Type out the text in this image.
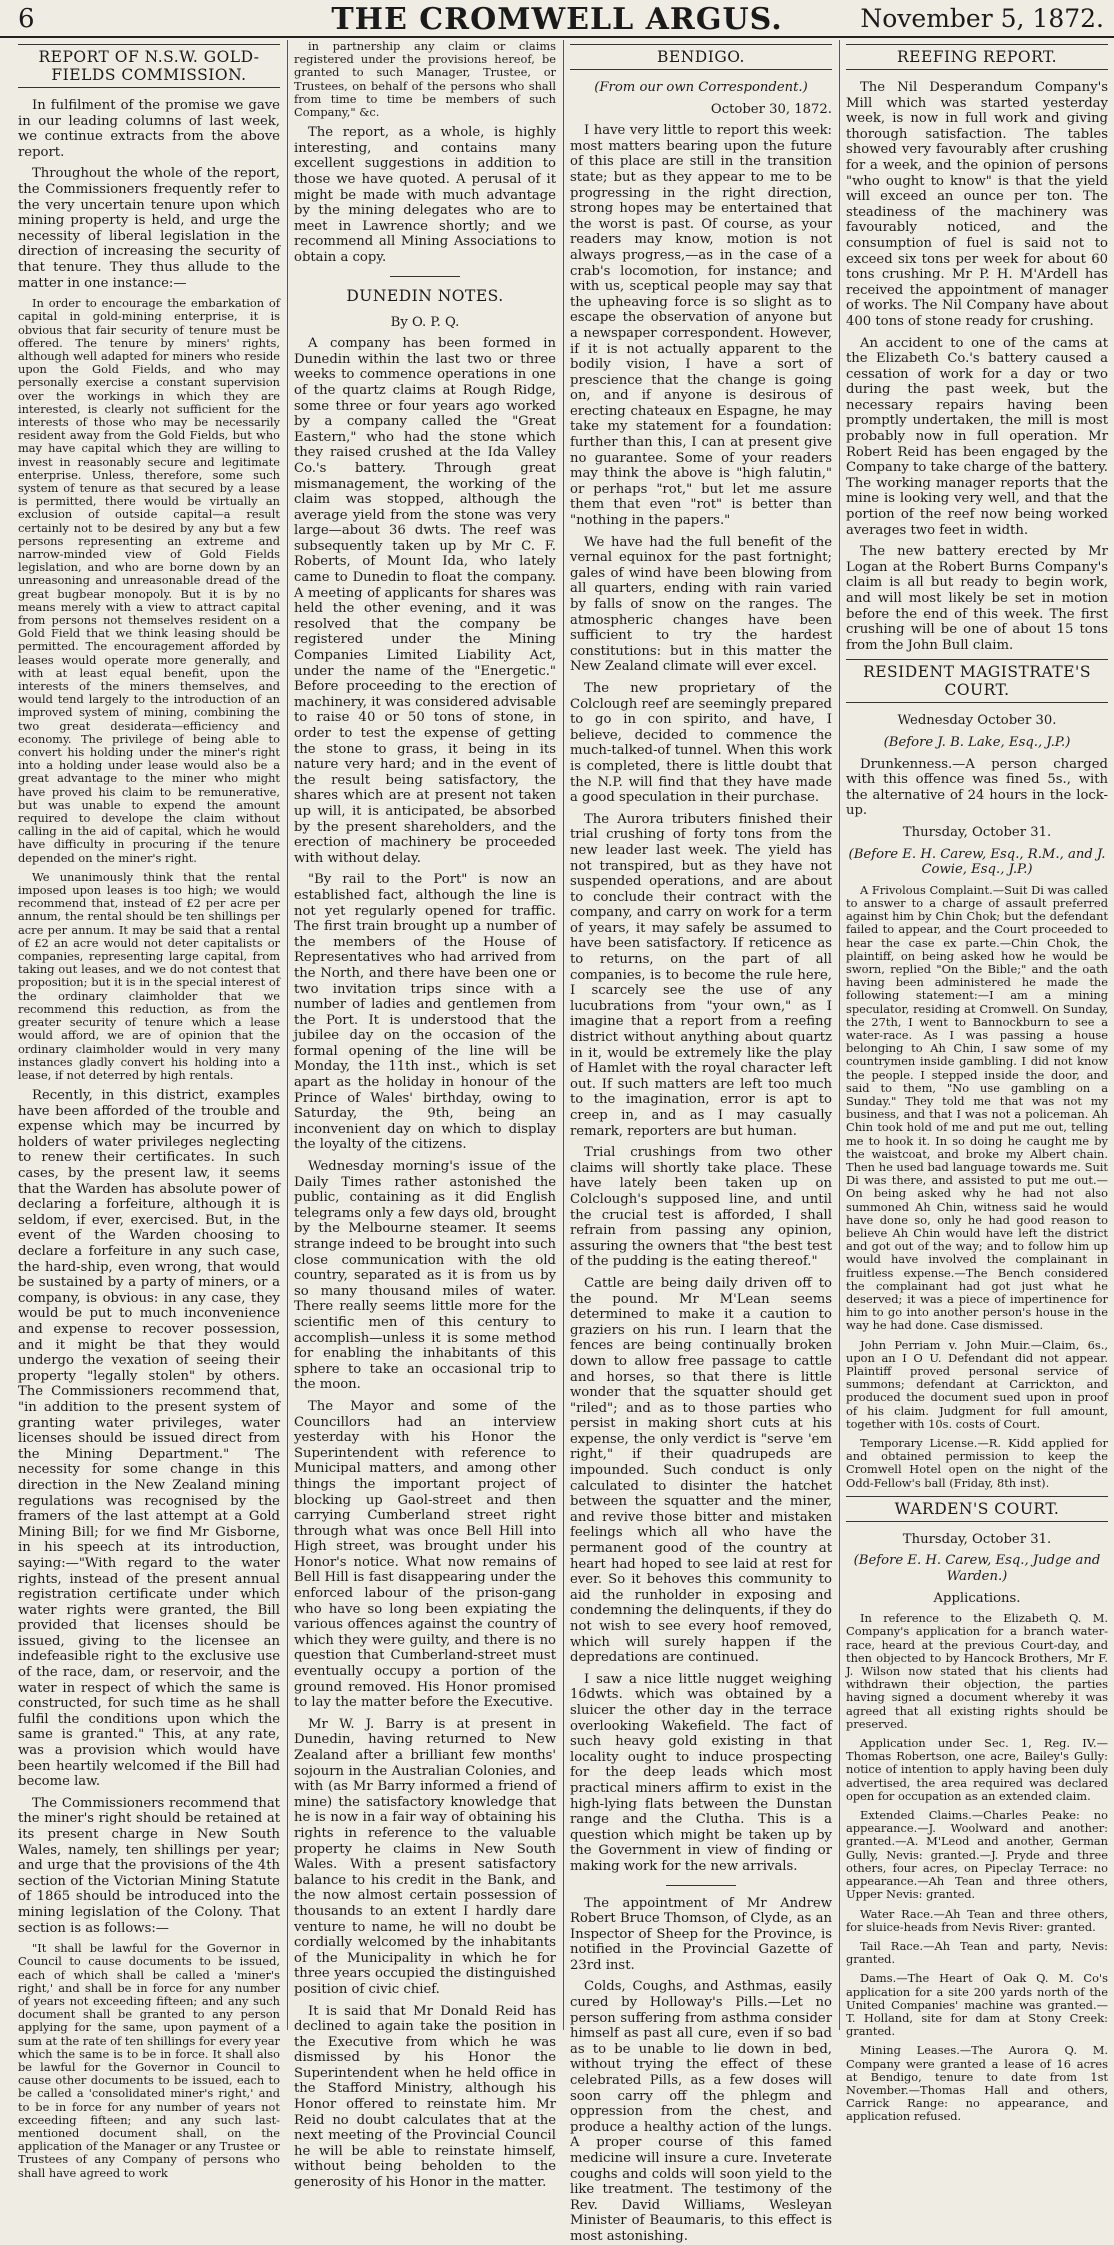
6	THE CROMWELL ARGUS.	November 5, 1872.
REPORT OF N.S.W. GOLD-FIELDS COMMISSION.

In fulfilment of the promise we gave in our leading columns of last week, we continue extracts from the above report.

Throughout the whole of the report, the Commissioners frequently refer to the very uncertain tenure upon which mining property is held, and urge the necessity of liberal legislation in the direction of increasing the security of that tenure. They thus allude to the matter in one instance:—

In order to encourage the embarkation of capital in gold-mining enterprise, it is obvious that fair security of tenure must be offered. The tenure by miners' rights, although well adapted for miners who reside upon the Gold Fields, and who may personally exercise a constant supervision over the workings in which they are interested, is clearly not sufficient for the interests of those who may be necessarily resident away from the Gold Fields, but who may have capital which they are willing to invest in reasonably secure and legitimate enterprise. Unless, therefore, some such system of tenure as that secured by a lease is permitted, there would be virtually an exclusion of outside capital—a result certainly not to be desired by any but a few persons representing an extreme and narrow-minded view of Gold Fields legislation, and who are borne down by an unreasoning and unreasonable dread of the great bugbear monopoly. But it is by no means merely with a view to attract capital from persons not themselves resident on a Gold Field that we think leasing should be permitted. The encouragement afforded by leases would operate more generally, and with at least equal benefit, upon the interests of the miners themselves, and would tend largely to the introduction of an improved system of mining, combining the two great desiderata—efficiency and economy. The privilege of being able to convert his holding under the miner's right into a holding under lease would also be a great advantage to the miner who might have proved his claim to be remunerative, but was unable to expend the amount required to develope the claim without calling in the aid of capital, which he would have difficulty in procuring if the tenure depended on the miner's right.

We unanimously think that the rental imposed upon leases is too high; we would recommend that, instead of £2 per acre per annum, the rental should be ten shillings per acre per annum. It may be said that a rental of £2 an acre would not deter capitalists or companies, representing large capital, from taking out leases, and we do not contest that proposition; but it is in the special interest of the ordinary claimholder that we recommend this reduction, as from the greater security of tenure which a lease would afford, we are of opinion that the ordinary claimholder would in very many instances gladly convert his holding into a lease, if not deterred by high rentals.

Recently, in this district, examples have been afforded of the trouble and expense which may be incurred by holders of water privileges neglecting to renew their certificates. In such cases, by the present law, it seems that the Warden has absolute power of declaring a forfeiture, although it is seldom, if ever, exercised. But, in the event of the Warden choosing to declare a forfeiture in any such case, the hard-ship, even wrong, that would be sustained by a party of miners, or a company, is obvious: in any case, they would be put to much inconvenience and expense to recover possession, and it might be that they would undergo the vexation of seeing their property "legally stolen" by others. The Commissioners recommend that, "in addition to the present system of granting water privileges, water licenses should be issued direct from the Mining Department." The necessity for some change in this direction in the New Zealand mining regulations was recognised by the framers of the last attempt at a Gold Mining Bill; for we find Mr Gisborne, in his speech at its introduction, saying:—"With regard to the water rights, instead of the present annual registration certificate under which water rights were granted, the Bill provided that licenses should be issued, giving to the licensee an indefeasible right to the exclusive use of the race, dam, or reservoir, and the water in respect of which the same is constructed, for such time as he shall fulfil the conditions upon which the same is granted." This, at any rate, was a provision which would have been heartily welcomed if the Bill had become law.

The Commissioners recommend that the miner's right should be retained at its present charge in New South Wales, namely, ten shillings per year; and urge that the provisions of the 4th section of the Victorian Mining Statute of 1865 should be introduced into the mining legislation of the Colony. That section is as follows:—

"It shall be lawful for the Governor in Council to cause documents to be issued, each of which shall be called a 'miner's right,' and shall be in force for any number of years not exceeding fifteen; and any such document shall be granted to any person applying for the same, upon payment of a sum at the rate of ten shillings for every year which the same is to be in force. It shall also be lawful for the Governor in Council to cause other documents to be issued, each to be called a 'consolidated miner's right,' and to be in force for any number of years not exceeding fifteen; and any such last-mentioned document shall, on the application of the Manager or any Trustee or Trustees of any Company of persons who shall have agreed to work

in partnership any claim or claims registered under the provisions hereof, be granted to such Manager, Trustee, or Trustees, on behalf of the persons who shall from time to time be members of such Company," &c.

The report, as a whole, is highly interesting, and contains many excellent suggestions in addition to those we have quoted. A perusal of it might be made with much advantage by the mining delegates who are to meet in Lawrence shortly; and we recommend all Mining Associations to obtain a copy.

DUNEDIN NOTES.
By O. P. Q.

A company has been formed in Dunedin within the last two or three weeks to commence operations in one of the quartz claims at Rough Ridge, some three or four years ago worked by a company called the "Great Eastern," who had the stone which they raised crushed at the Ida Valley Co.'s battery. Through great mismanagement, the working of the claim was stopped, although the average yield from the stone was very large—about 36 dwts. The reef was subsequently taken up by Mr C. F. Roberts, of Mount Ida, who lately came to Dunedin to float the company. A meeting of applicants for shares was held the other evening, and it was resolved that the company be registered under the Mining Companies Limited Liability Act, under the name of the "Energetic." Before proceeding to the erection of machinery, it was considered advisable to raise 40 or 50 tons of stone, in order to test the expense of getting the stone to grass, it being in its nature very hard; and in the event of the result being satisfactory, the shares which are at present not taken up will, it is anticipated, be absorbed by the present shareholders, and the erection of machinery be proceeded with without delay.

"By rail to the Port" is now an established fact, although the line is not yet regularly opened for traffic. The first train brought up a number of the members of the House of Representatives who had arrived from the North, and there have been one or two invitation trips since with a number of ladies and gentlemen from the Port. It is understood that the jubilee day on the occasion of the formal opening of the line will be Monday, the 11th inst., which is set apart as the holiday in honour of the Prince of Wales' birthday, owing to Saturday, the 9th, being an inconvenient day on which to display the loyalty of the citizens.

Wednesday morning's issue of the Daily Times rather astonished the public, containing as it did English telegrams only a few days old, brought by the Melbourne steamer. It seems strange indeed to be brought into such close communication with the old country, separated as it is from us by so many thousand miles of water. There really seems little more for the scientific men of this century to accomplish—unless it is some method for enabling the inhabitants of this sphere to take an occasional trip to the moon.

The Mayor and some of the Councillors had an interview yesterday with his Honor the Superintendent with reference to Municipal matters, and among other things the important project of blocking up Gaol-street and then carrying Cumberland street right through what was once Bell Hill into High street, was brought under his Honor's notice. What now remains of Bell Hill is fast disappearing under the enforced labour of the prison-gang who have so long been expiating the various offences against the country of which they were guilty, and there is no question that Cumberland-street must eventually occupy a portion of the ground removed. His Honor promised to lay the matter before the Executive.

Mr W. J. Barry is at present in Dunedin, having returned to New Zealand after a brilliant few months' sojourn in the Australian Colonies, and with (as Mr Barry informed a friend of mine) the satisfactory knowledge that he is now in a fair way of obtaining his rights in reference to the valuable property he claims in New South Wales. With a present satisfactory balance to his credit in the Bank, and the now almost certain possession of thousands to an extent I hardly dare venture to name, he will no doubt be cordially welcomed by the inhabitants of the Municipality in which he for three years occupied the distinguished position of civic chief.

It is said that Mr Donald Reid has declined to again take the position in the Executive from which he was dismissed by his Honor the Superintendent when he held office in the Stafford Ministry, although his Honor offered to reinstate him. Mr Reid no doubt calculates that at the next meeting of the Provincial Council he will be able to reinstate himself, without being beholden to the generosity of his Honor in the matter.

BENDIGO.
(From our own Correspondent.)
October 30, 1872.

I have very little to report this week: most matters bearing upon the future of this place are still in the transition state; but as they appear to me to be progressing in the right direction, strong hopes may be entertained that the worst is past. Of course, as your readers may know, motion is not always progress,—as in the case of a crab's locomotion, for instance; and with us, sceptical people may say that the upheaving force is so slight as to escape the observation of anyone but a newspaper correspondent. However, if it is not actually apparent to the bodily vision, I have a sort of prescience that the change is going on, and if anyone is desirous of erecting chateaux en Espagne, he may take my statement for a foundation: further than this, I can at present give no guarantee. Some of your readers may think the above is "high falutin," or perhaps "rot," but let me assure them that even "rot" is better than "nothing in the papers."

We have had the full benefit of the vernal equinox for the past fortnight; gales of wind have been blowing from all quarters, ending with rain varied by falls of snow on the ranges. The atmospheric changes have been sufficient to try the hardest constitutions: but in this matter the New Zealand climate will ever excel.

The new proprietary of the Colclough reef are seemingly prepared to go in con spirito, and have, I believe, decided to commence the much-talked-of tunnel. When this work is completed, there is little doubt that the N.P. will find that they have made a good speculation in their purchase.

The Aurora tributers finished their trial crushing of forty tons from the new leader last week. The yield has not transpired, but as they have not suspended operations, and are about to conclude their contract with the company, and carry on work for a term of years, it may safely be assumed to have been satisfactory. If reticence as to returns, on the part of all companies, is to become the rule here, I scarcely see the use of any lucubrations from "your own," as I imagine that a report from a reefing district without anything about quartz in it, would be extremely like the play of Hamlet with the royal character left out. If such matters are left too much to the imagination, error is apt to creep in, and as I may casually remark, reporters are but human.

Trial crushings from two other claims will shortly take place. These have lately been taken up on Colclough's supposed line, and until the crucial test is afforded, I shall refrain from passing any opinion, assuring the owners that "the best test of the pudding is the eating thereof."

Cattle are being daily driven off to the pound. Mr M'Lean seems determined to make it a caution to graziers on his run. I learn that the fences are being continually broken down to allow free passage to cattle and horses, so that there is little wonder that the squatter should get "riled"; and as to those parties who persist in making short cuts at his expense, the only verdict is "serve 'em right," if their quadrupeds are impounded. Such conduct is only calculated to disinter the hatchet between the squatter and the miner, and revive those bitter and mistaken feelings which all who have the permanent good of the country at heart had hoped to see laid at rest for ever. So it behoves this community to aid the runholder in exposing and condemning the delinquents, if they do not wish to see every hoof removed, which will surely happen if the depredations are continued.

I saw a nice little nugget weighing 16dwts. which was obtained by a sluicer the other day in the terrace overlooking Wakefield. The fact of such heavy gold existing in that locality ought to induce prospecting for the deep leads which most practical miners affirm to exist in the high-lying flats between the Dunstan range and the Clutha. This is a question which might be taken up by the Government in view of finding or making work for the new arrivals.

The appointment of Mr Andrew Robert Bruce Thomson, of Clyde, as an Inspector of Sheep for the Province, is notified in the Provincial Gazette of 23rd inst.

Colds, Coughs, and Asthmas, easily cured by Holloway's Pills.—Let no person suffering from asthma consider himself as past all cure, even if so bad as to be unable to lie down in bed, without trying the effect of these celebrated Pills, as a few doses will soon carry off the phlegm and oppression from the chest, and produce a healthy action of the lungs. A proper course of this famed medicine will insure a cure. Inveterate coughs and colds will soon yield to the like treatment. The testimony of the Rev. David Williams, Wesleyan Minister of Beaumaris, to this effect is most astonishing.

REEFING REPORT.

The Nil Desperandum Company's Mill which was started yesterday week, is now in full work and giving thorough satisfaction. The tables showed very favourably after crushing for a week, and the opinion of persons "who ought to know" is that the yield will exceed an ounce per ton. The steadiness of the machinery was favourably noticed, and the consumption of fuel is said not to exceed six tons per week for about 60 tons crushing. Mr P. H. M'Ardell has received the appointment of manager of works. The Nil Company have about 400 tons of stone ready for crushing.

An accident to one of the cams at the Elizabeth Co.'s battery caused a cessation of work for a day or two during the past week, but the necessary repairs having been promptly undertaken, the mill is most probably now in full operation. Mr Robert Reid has been engaged by the Company to take charge of the battery. The working manager reports that the mine is looking very well, and that the portion of the reef now being worked averages two feet in width.

The new battery erected by Mr Logan at the Robert Burns Company's claim is all but ready to begin work, and will most likely be set in motion before the end of this week. The first crushing will be one of about 15 tons from the John Bull claim.

RESIDENT MAGISTRATE'S COURT.
Wednesday October 30.
(Before J. B. Lake, Esq., J.P.)

Drunkenness.—A person charged with this offence was fined 5s., with the alternative of 24 hours in the lock-up.

Thursday, October 31.
(Before E. H. Carew, Esq., R.M., and J. Cowie, Esq., J.P.)

A Frivolous Complaint.—Suit Di was called to answer to a charge of assault preferred against him by Chin Chok; but the defendant failed to appear, and the Court proceeded to hear the case ex parte.—Chin Chok, the plaintiff, on being asked how he would be sworn, replied "On the Bible;" and the oath having been administered he made the following statement:—I am a mining speculator, residing at Cromwell. On Sunday, the 27th, I went to Bannockburn to see a water-race. As I was passing a house belonging to Ah Chin, I saw some of my countrymen inside gambling. I did not know the people. I stepped inside the door, and said to them, "No use gambling on a Sunday." They told me that was not my business, and that I was not a policeman. Ah Chin took hold of me and put me out, telling me to hook it. In so doing he caught me by the waistcoat, and broke my Albert chain. Then he used bad language towards me. Suit Di was there, and assisted to put me out.—On being asked why he had not also summoned Ah Chin, witness said he would have done so, only he had good reason to believe Ah Chin would have left the district and got out of the way; and to follow him up would have involved the complainant in fruitless expense.—The Bench considered the complainant had got just what he deserved; it was a piece of impertinence for him to go into another person's house in the way he had done. Case dismissed.

John Perriam v. John Muir.—Claim, 6s., upon an I O U. Defendant did not appear. Plaintiff proved personal service of summons; defendant at Carrickton, and produced the document sued upon in proof of his claim. Judgment for full amount, together with 10s. costs of Court.

Temporary License.—R. Kidd applied for and obtained permission to keep the Cromwell Hotel open on the night of the Odd-Fellow's ball (Friday, 8th inst).

WARDEN'S COURT.
Thursday, October 31.
(Before E. H. Carew, Esq., Judge and Warden.)
Applications.

In reference to the Elizabeth Q. M. Company's application for a branch water-race, heard at the previous Court-day, and then objected to by Hancock Brothers, Mr F. J. Wilson now stated that his clients had withdrawn their objection, the parties having signed a document whereby it was agreed that all existing rights should be preserved.

Application under Sec. 1, Reg. IV.—Thomas Robertson, one acre, Bailey's Gully: notice of intention to apply having been duly advertised, the area required was declared open for occupation as an extended claim.

Extended Claims.—Charles Peake: no appearance.—J. Woolward and another: granted.—A. M'Leod and another, German Gully, Nevis: granted.—J. Pryde and three others, four acres, on Pipeclay Terrace: no appearance.—Ah Tean and three others, Upper Nevis: granted.

Water Race.—Ah Tean and three others, for sluice-heads from Nevis River: granted.

Tail Race.—Ah Tean and party, Nevis: granted.

Dams.—The Heart of Oak Q. M. Co's application for a site 200 yards north of the United Companies' machine was granted.—T. Holland, site for dam at Stony Creek: granted.

Mining Leases.—The Aurora Q. M. Company were granted a lease of 16 acres at Bendigo, tenure to date from 1st November.—Thomas Hall and others, Carrick Range: no appearance, and application refused.
